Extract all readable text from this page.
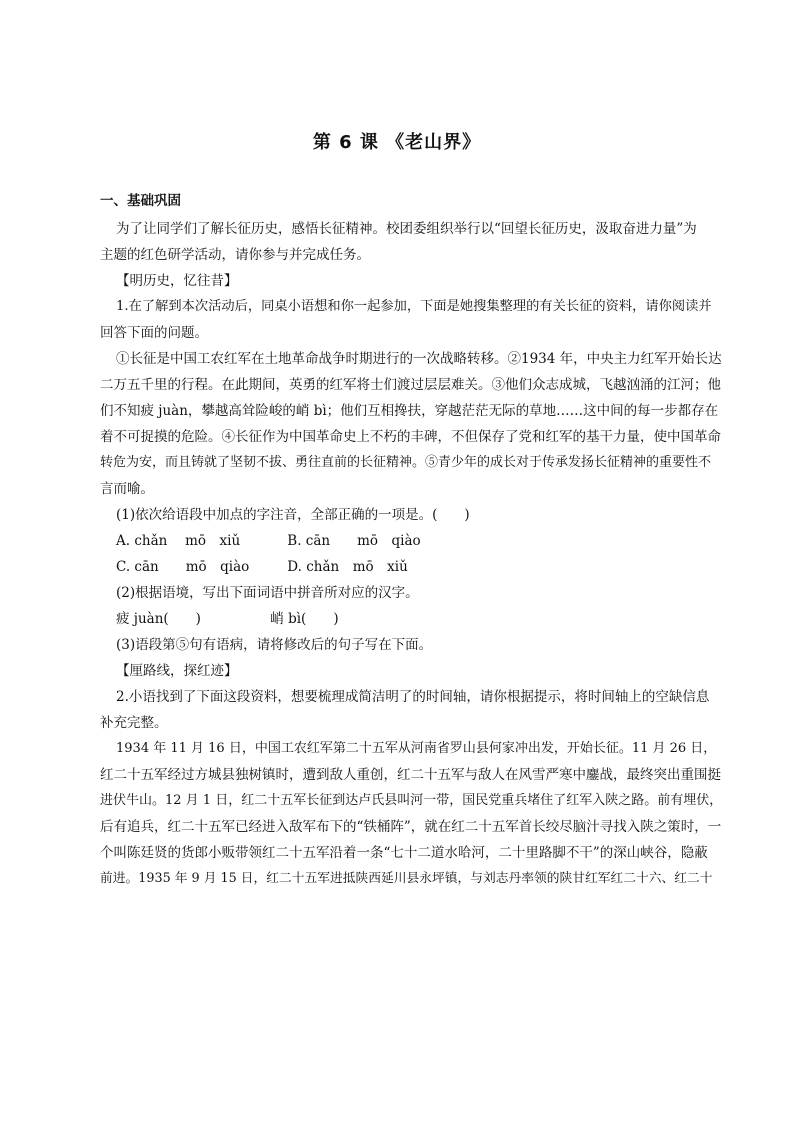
第 6 课 《老山界》
一、基础巩固
为了让同学们了解长征历史，感悟长征精神。校团委组织举行以“回望长征历史，汲取奋进力量”为
主题的红色研学活动，请你参与并完成任务。
【明历史，忆往昔】
1.在了解到本次活动后，同桌小语想和你一起参加，下面是她搜集整理的有关长征的资料，请你阅读并
回答下面的问题。
①长征是中国工农红军在土地革命战争时期进行的一次战略转移。②1934 年，中央主力红军开始长达
二万五千里的行程。在此期间，英勇的红军将士们渡过层层难关。③他们众志成城，飞越汹涌的江河；他
们不知疲 juàn，攀越高耸险峻的峭 bì；他们互相搀扶，穿越茫茫无际的草地……这中间的每一步都存在
着不可捉摸的危险。④长征作为中国革命史上不朽的丰碑，不但保存了党和红军的基干力量，使中国革命
转危为安，而且铸就了坚韧不拔、勇往直前的长征精神。⑤青少年的成长对于传承发扬长征精神的重要性不
言而喻。
(1)依次给语段中加点的字注音，全部正确的一项是。(　　)
A. chǎn　 mō　xiǔ	B. cān　　mō　qiào
C. cān　　mō　qiào	D. chǎn　mō　xiǔ
(2)根据语境，写出下面词语中拼音所对应的汉字。
疲 juàn(　　)	峭 bì(　　)
(3)语段第⑤句有语病，请将修改后的句子写在下面。
【厘路线，探红迹】
2.小语找到了下面这段资料，想要梳理成简洁明了的时间轴，请你根据提示，将时间轴上的空缺信息
补充完整。
1934 年 11 月 16 日，中国工农红军第二十五军从河南省罗山县何家冲出发，开始长征。11 月 26 日，
红二十五军经过方城县独树镇时，遭到敌人重创，红二十五军与敌人在风雪严寒中鏖战，最终突出重围挺
进伏牛山。12 月 1 日，红二十五军长征到达卢氏县叫河一带，国民党重兵堵住了红军入陕之路。前有埋伏，
后有追兵，红二十五军已经进入敌军布下的“铁桶阵”，就在红二十五军首长绞尽脑汁寻找入陕之策时，一
个叫陈廷贤的货郎小贩带领红二十五军沿着一条“七十二道水哈河，二十里路脚不干”的深山峡谷，隐蔽
前进。1935 年 9 月 15 日，红二十五军进抵陕西延川县永坪镇，与刘志丹率领的陕甘红军红二十六、红二十
